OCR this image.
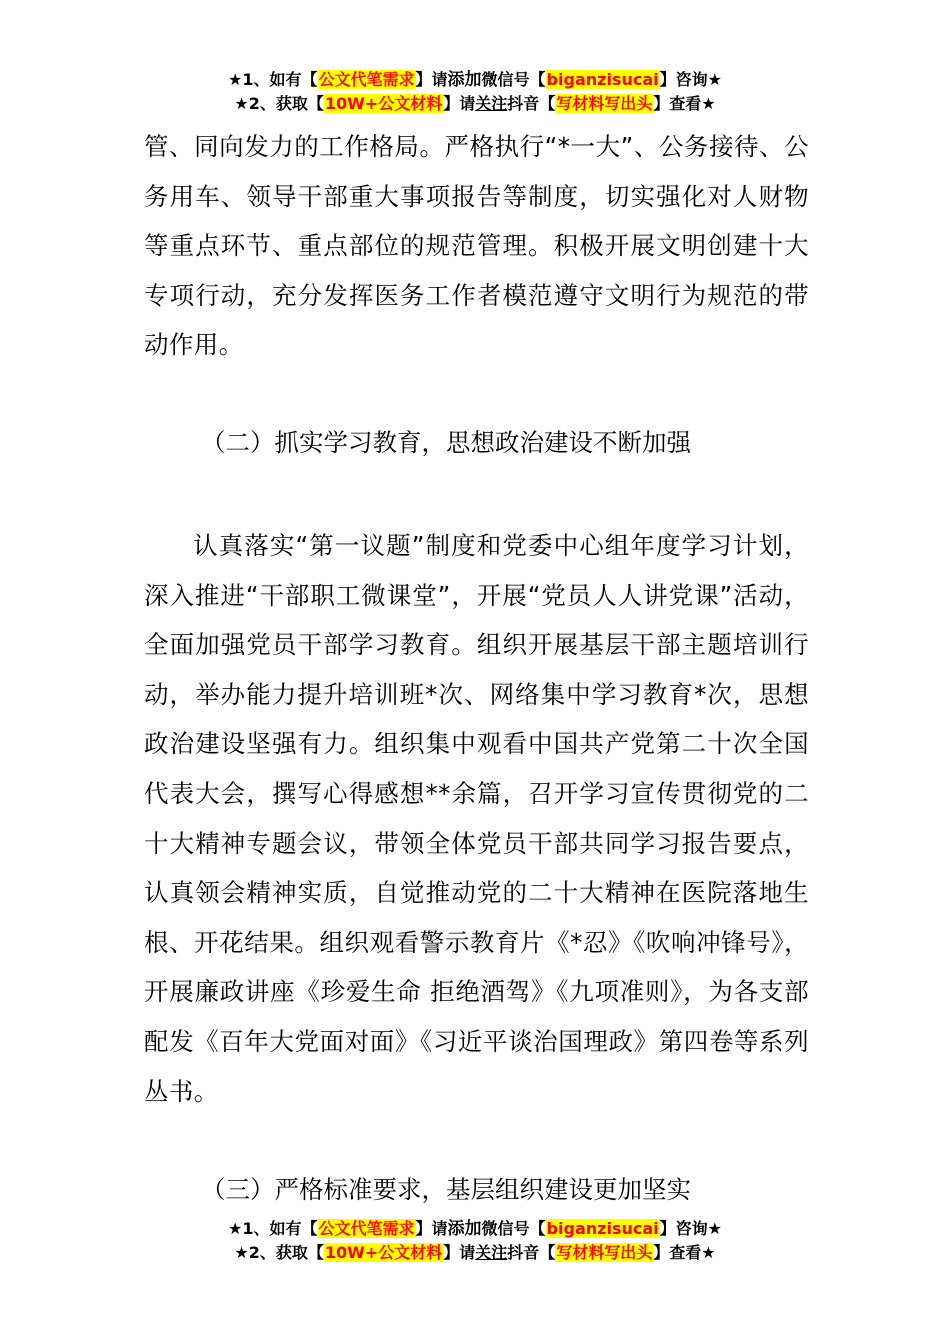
★1、如有【公文代笔需求】请添加微信号【biganzisucai】咨询★
★2、获取【10W+公文材料】请关注抖音【写材料写出头】查看★

管、同向发力的工作格局。严格执行“*一大”、公务接待、公务用车、领导干部重大事项报告等制度，切实强化对人财物等重点环节、重点部位的规范管理。积极开展文明创建十大专项行动，充分发挥医务工作者模范遵守文明行为规范的带动作用。

（二）抓实学习教育，思想政治建设不断加强

认真落实“第一议题”制度和党委中心组年度学习计划，深入推进“干部职工微课堂”，开展“党员人人讲党课”活动，全面加强党员干部学习教育。组织开展基层干部主题培训行动，举办能力提升培训班*次、网络集中学习教育*次，思想政治建设坚强有力。组织集中观看中国共产党第二十次全国代表大会，撰写心得感想**余篇，召开学习宣传贯彻党的二十大精神专题会议，带领全体党员干部共同学习报告要点，认真领会精神实质，自觉推动党的二十大精神在医院落地生根、开花结果。组织观看警示教育片《*忍》《吹响冲锋号》，开展廉政讲座《珍爱生命 拒绝酒驾》《九项准则》，为各支部配发《百年大党面对面》《习近平谈治国理政》第四卷等系列丛书。

（三）严格标准要求，基层组织建设更加坚实
★1、如有【公文代笔需求】请添加微信号【biganzisucai】咨询★
★2、获取【10W+公文材料】请关注抖音【写材料写出头】查看★
